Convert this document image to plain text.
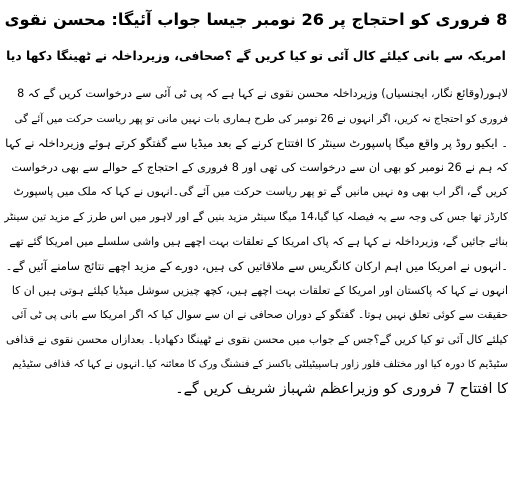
8 فروری کو احتجاج پر 26 نومبر جیسا جواب آئیگا: محسن نقوی
امریکہ سے بانی کیلئے کال آئی تو کیا کریں گے ؟صحافی، وزیرداخلہ نے ٹھینگا دکھا دیا
لاہور(وقائع نگار، ایجنسیاں) وزیرداخلہ محسن نقوی نے کہا ہے کہ پی ٹی آئی سے درخواست کریں گے کہ 8
فروری کو احتجاج نہ کریں، اگر انہوں نے 26 نومبر کی طرح ہماری بات نہیں مانی تو پھر ریاست حرکت میں آئے گی
۔ ایکیو روڈ پر واقع میگا پاسپورٹ سینٹر کا افتتاح کرنے کے بعد میڈیا سے گفتگو کرتے ہوئے وزیرداخلہ نے کہا
کہ ہم نے 26 نومبر کو بھی ان سے درخواست کی تھی اور 8 فروری کے احتجاج کے حوالے سے بھی درخواست
کریں گے، اگر اب بھی وہ نہیں مانیں گے تو پھر ریاست حرکت میں آئے گی۔انہوں نے کہا کہ ملک میں پاسپورٹ
کارڈز تھا جس کی وجہ سے یہ فیصلہ کیا گیا،14 میگا سینٹر مزید بنیں گے اور لاہور میں اس طرز کے مزید تین سینٹر
بنائے جائیں گے، وزیرداخلہ نے کہا ہے کہ پاک امریکا کے تعلقات بہت اچھے ہیں واشی سلسلے میں امریکا گئے تھے
۔انہوں نے امریکا میں اہم ارکان کانگریس سے ملاقاتیں کی ہیں، دورے کے مزید اچھے نتائج سامنے آئیں گے۔
انہوں نے کہا کہ پاکستان اور امریکا کے تعلقات بہت اچھے ہیں، کچھ چیزیں سوشل میڈیا کیلئے ہوتی ہیں ان کا
حقیقت سے کوئی تعلق نہیں ہوتا۔ گفتگو کے دوران صحافی نے ان سے سوال کیا کہ اگر امریکا سے بانی پی ٹی آئی
کیلئے کال آئی تو کیا کریں گے؟جس کے جواب میں محسن نقوی نے ٹھینگا دکھادیا۔ بعدازاں محسن نقوی نے قذافی
سٹیڈیم کا دورہ کیا اور مختلف فلور زاور ہاسپیٹیلٹی باکسز کے فنشنگ ورک کا معائنہ کیا۔انہوں نے کہا کہ قذافی سٹیڈیم
کا افتتاح 7 فروری کو وزیراعظم شہباز شریف کریں گے۔
